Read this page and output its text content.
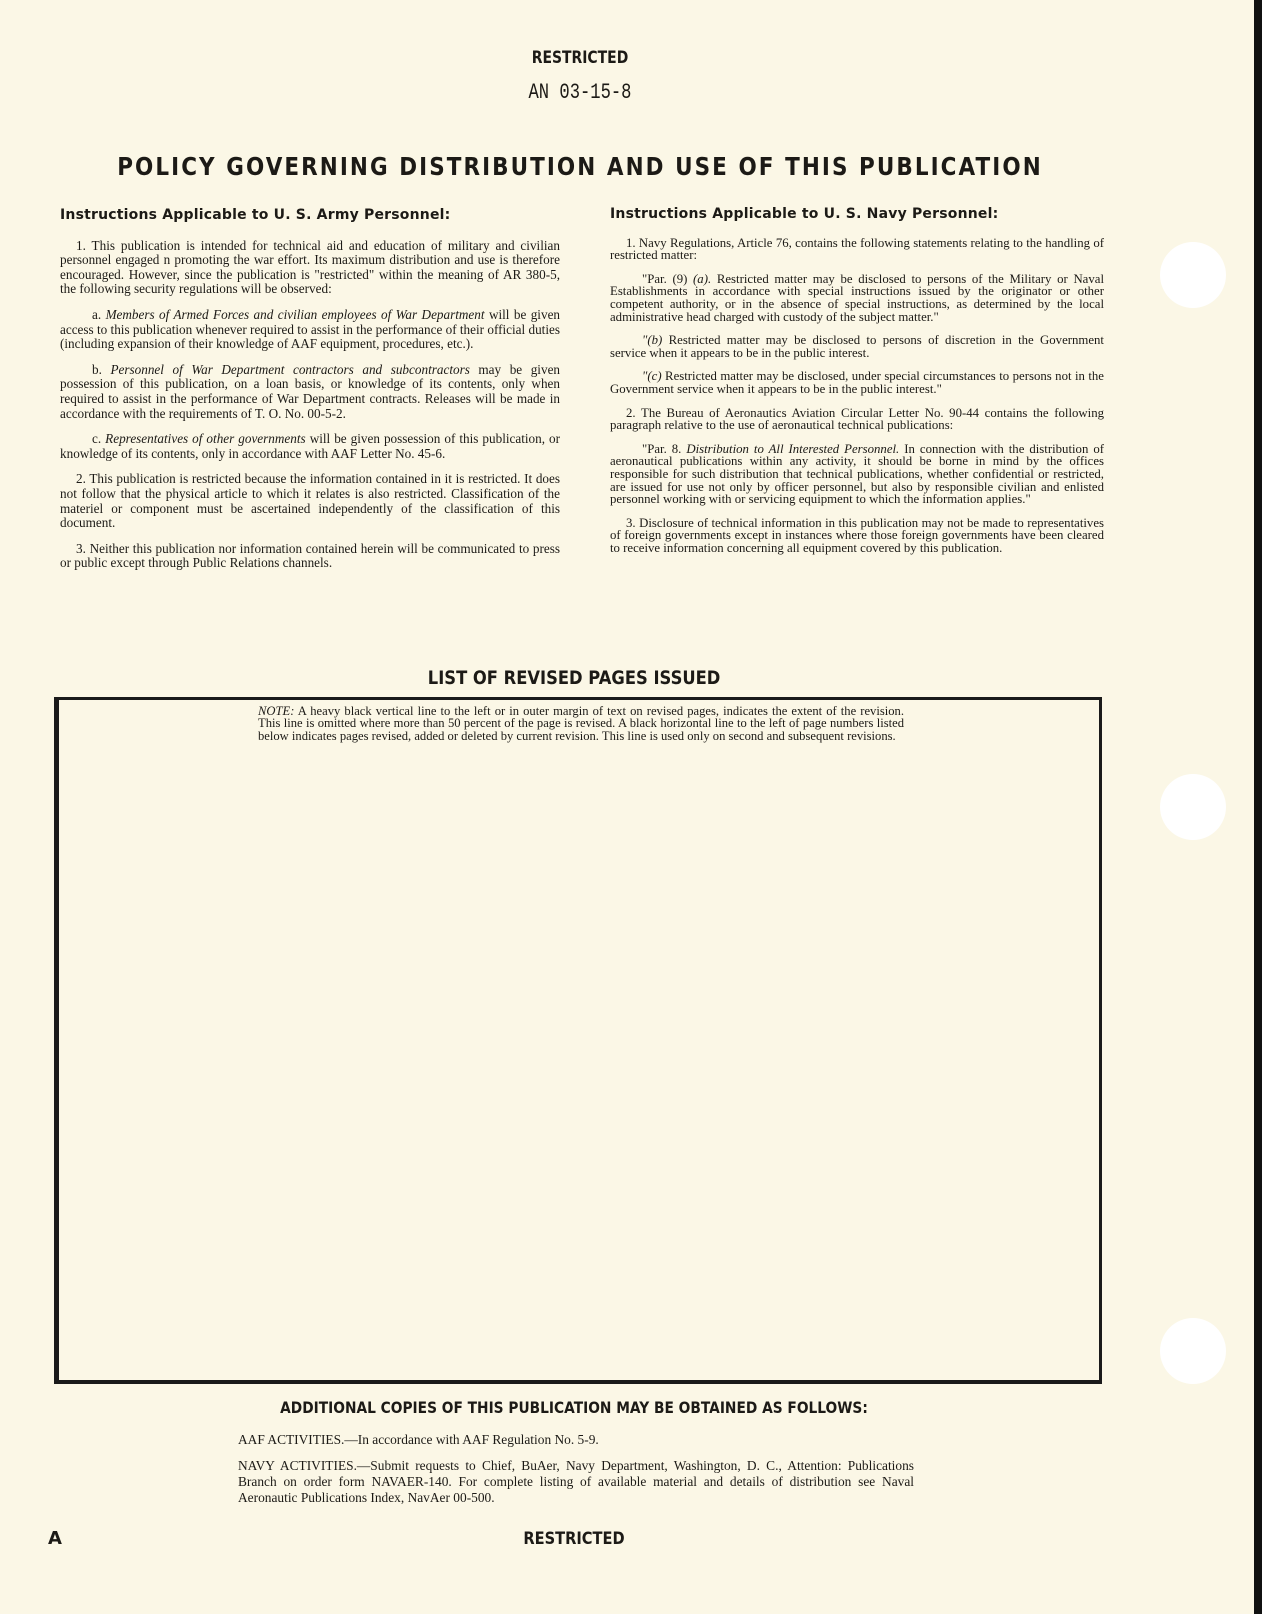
RESTRICTED
AN 03-15-8
POLICY GOVERNING DISTRIBUTION AND USE OF THIS PUBLICATION
Instructions Applicable to U. S. Army Personnel:

1. This publication is intended for technical aid and education of military and civilian personnel engaged n promoting the war effort. Its maximum distribution and use is therefore encouraged. However, since the publication is "restricted" within the meaning of AR 380-5, the following security regulations will be observed:

a. Members of Armed Forces and civilian employees of War Department will be given access to this publication whenever required to assist in the performance of their official duties (including expansion of their knowledge of AAF equipment, procedures, etc.).

b. Personnel of War Department contractors and subcontractors may be given possession of this publication, on a loan basis, or knowledge of its contents, only when required to assist in the performance of War Department contracts. Releases will be made in accordance with the requirements of T. O. No. 00-5-2.

c. Representatives of other governments will be given possession of this publication, or knowledge of its contents, only in accordance with AAF Letter No. 45-6.

2. This publication is restricted because the information contained in it is restricted. It does not follow that the physical article to which it relates is also restricted. Classification of the materiel or component must be ascertained independently of the classification of this document.

3. Neither this publication nor information contained herein will be communicated to press or public except through Public Relations channels.

Instructions Applicable to U. S. Navy Personnel:

1. Navy Regulations, Article 76, contains the following statements relating to the handling of restricted matter:

"Par. (9) (a). Restricted matter may be disclosed to persons of the Military or Naval Establishments in accordance with special instructions issued by the originator or other competent authority, or in the absence of special instructions, as determined by the local administrative head charged with custody of the subject matter."

"(b) Restricted matter may be disclosed to persons of discretion in the Government service when it appears to be in the public interest.

"(c) Restricted matter may be disclosed, under special circumstances to persons not in the Government service when it appears to be in the public interest."

2. The Bureau of Aeronautics Aviation Circular Letter No. 90-44 contains the following paragraph relative to the use of aeronautical technical publications:

"Par. 8. Distribution to All Interested Personnel. In connection with the distribution of aeronautical publications within any activity, it should be borne in mind by the offices responsible for such distribution that technical publications, whether confidential or restricted, are issued for use not only by officer personnel, but also by responsible civilian and enlisted personnel working with or servicing equipment to which the information applies."

3. Disclosure of technical information in this publication may not be made to representatives of foreign governments except in instances where those foreign governments have been cleared to receive information concerning all equipment covered by this publication.

LIST OF REVISED PAGES ISSUED
NOTE: A heavy black vertical line to the left or in outer margin of text on revised pages, indicates the extent of the revision. This line is omitted where more than 50 percent of the page is revised. A black horizontal line to the left of page numbers listed below indicates pages revised, added or deleted by current revision. This line is used only on second and subsequent revisions.
ADDITIONAL COPIES OF THIS PUBLICATION MAY BE OBTAINED AS FOLLOWS:
AAF ACTIVITIES.—In accordance with AAF Regulation No. 5-9.
NAVY ACTIVITIES.—Submit requests to Chief, BuAer, Navy Department, Washington, D. C., Attention: Publications Branch on order form NAVAER-140. For complete listing of available material and details of distribution see Naval Aeronautic Publications Index, NavAer 00-500.
A	RESTRICTED
